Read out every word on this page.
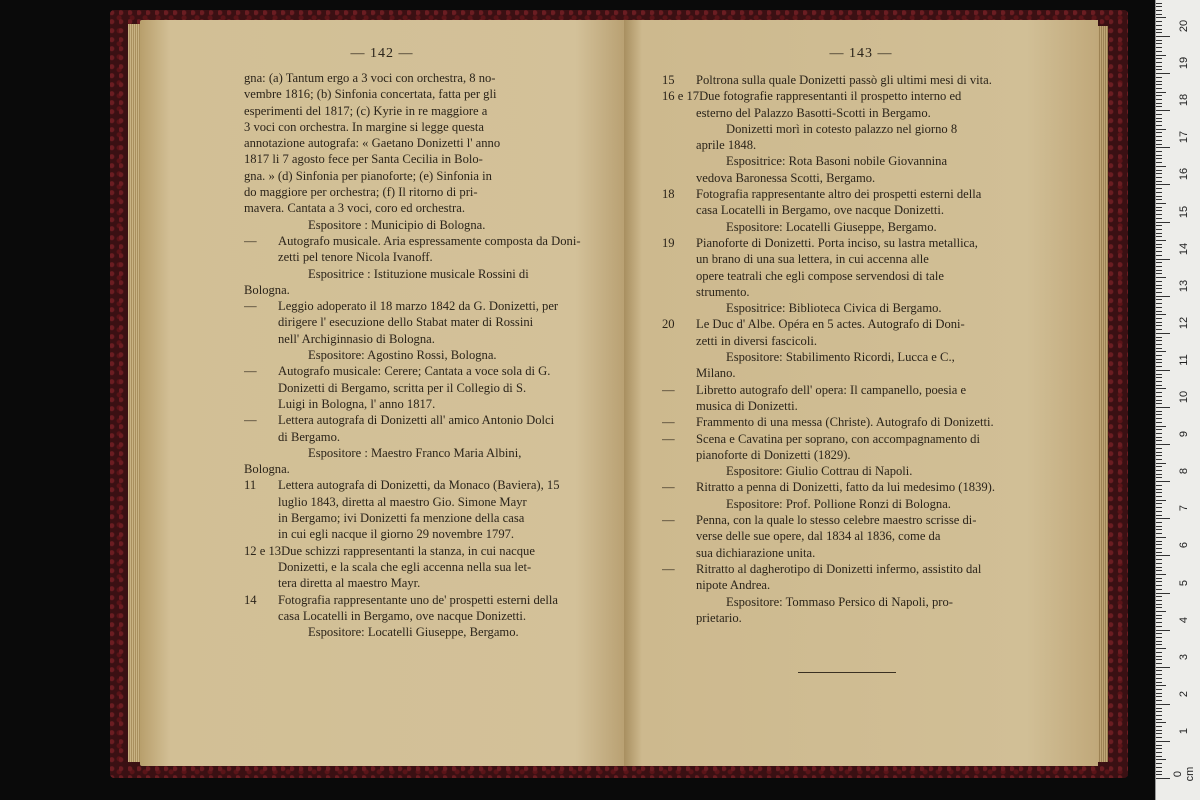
— 142 —
gna: (a) Tantum ergo a 3 voci con orchestra, 8 no-
vembre 1816; (b) Sinfonia concertata, fatta per gli
esperimenti del 1817; (c) Kyrie in re maggiore a
3 voci con orchestra. In margine si legge questa
annotazione autografa: « Gaetano Donizetti l' anno
1817 li 7 agosto fece per Santa Cecilia in Bolo-
gna. » (d) Sinfonia per pianoforte; (e) Sinfonia in
do maggiore per orchestra; (f) Il ritorno di pri-
mavera. Cantata a 3 voci, coro ed orchestra.
Espositore : Municipio di Bologna.
— Autografo musicale. Aria espressamente composta da Doni-
zetti pel tenore Nicola Ivanoff.
Espositrice : Istituzione musicale Rossini di
Bologna.
— Leggio adoperato il 18 marzo 1842 da G. Donizetti, per
dirigere l' esecuzione dello Stabat mater di Rossini
nell' Archiginnasio di Bologna.
Espositore: Agostino Rossi, Bologna.
— Autografo musicale: Cerere; Cantata a voce sola di G.
Donizetti di Bergamo, scritta per il Collegio di S.
Luigi in Bologna, l' anno 1817.
— Lettera autografa di Donizetti all' amico Antonio Dolci
di Bergamo.
Espositore : Maestro Franco Maria Albini,
Bologna.
11 Lettera autografa di Donizetti, da Monaco (Baviera), 15
luglio 1843, diretta al maestro Gio. Simone Mayr
in Bergamo; ivi Donizetti fa menzione della casa
in cui egli nacque il giorno 29 novembre 1797.
12 e 13Due schizzi rappresentanti la stanza, in cui nacque
Donizetti, e la scala che egli accenna nella sua let-
tera diretta al maestro Mayr.
14 Fotografia rappresentante uno de' prospetti esterni della
casa Locatelli in Bergamo, ove nacque Donizetti.
Espositore: Locatelli Giuseppe, Bergamo.
— 143 —
15 Poltrona sulla quale Donizetti passò gli ultimi mesi di vita.
16 e 17Due fotografie rappresentanti il prospetto interno ed
esterno del Palazzo Basotti-Scotti in Bergamo.
Donizetti morì in cotesto palazzo nel giorno 8
aprile 1848.
Espositrice: Rota Basoni nobile Giovannina
vedova Baronessa Scotti, Bergamo.
18 Fotografia rappresentante altro dei prospetti esterni della
casa Locatelli in Bergamo, ove nacque Donizetti.
Espositore: Locatelli Giuseppe, Bergamo.
19 Pianoforte di Donizetti. Porta inciso, su lastra metallica,
un brano di una sua lettera, in cui accenna alle
opere teatrali che egli compose servendosi di tale
strumento.
Espositrice: Biblioteca Civica di Bergamo.
20 Le Duc d' Albe. Opéra en 5 actes. Autografo di Doni-
zetti in diversi fascicoli.
Espositore: Stabilimento Ricordi, Lucca e C.,
Milano.
— Libretto autografo dell' opera: Il campanello, poesia e
musica di Donizetti.
— Frammento di una messa (Christe). Autografo di Donizetti.
— Scena e Cavatina per soprano, con accompagnamento di
pianoforte di Donizetti (1829).
Espositore: Giulio Cottrau di Napoli.
— Ritratto a penna di Donizetti, fatto da lui medesimo (1839).
Espositore: Prof. Pollione Ronzi di Bologna.
— Penna, con la quale lo stesso celebre maestro scrisse di-
verse delle sue opere, dal 1834 al 1836, come da
sua dichiarazione unita.
— Ritratto al dagherotipo di Donizetti infermo, assistito dal
nipote Andrea.
Espositore: Tommaso Persico di Napoli, pro-
prietario.
0 cm
1
2
3
4
5
6
7
8
9
10
11
12
13
14
15
16
17
18
19
20
